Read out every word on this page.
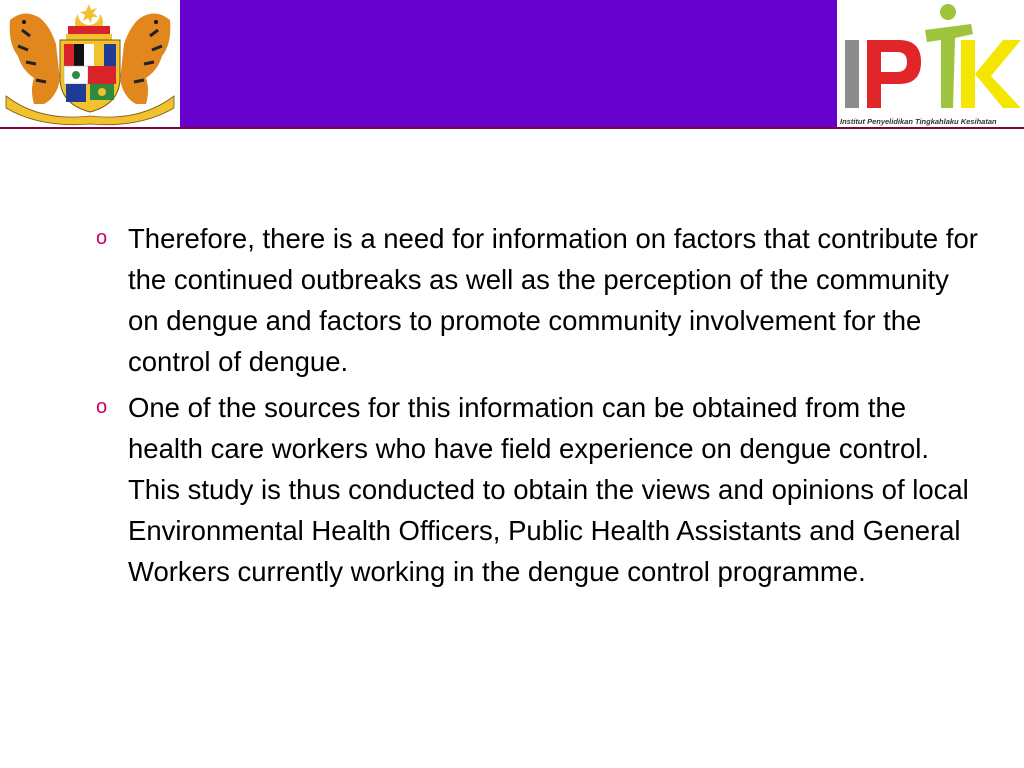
Institut Penyelidikan Tingkahlaku Kesihatan
o Therefore, there is a need for information on factors that contribute for the continued outbreaks as well as the perception of the community on dengue and factors to promote community involvement for the control of dengue.
o One of the sources for this information can be obtained from the health care workers who have field experience on dengue control. This study is thus conducted to obtain the views and opinions of local Environmental Health Officers, Public Health Assistants and General Workers currently working in the dengue control programme.
